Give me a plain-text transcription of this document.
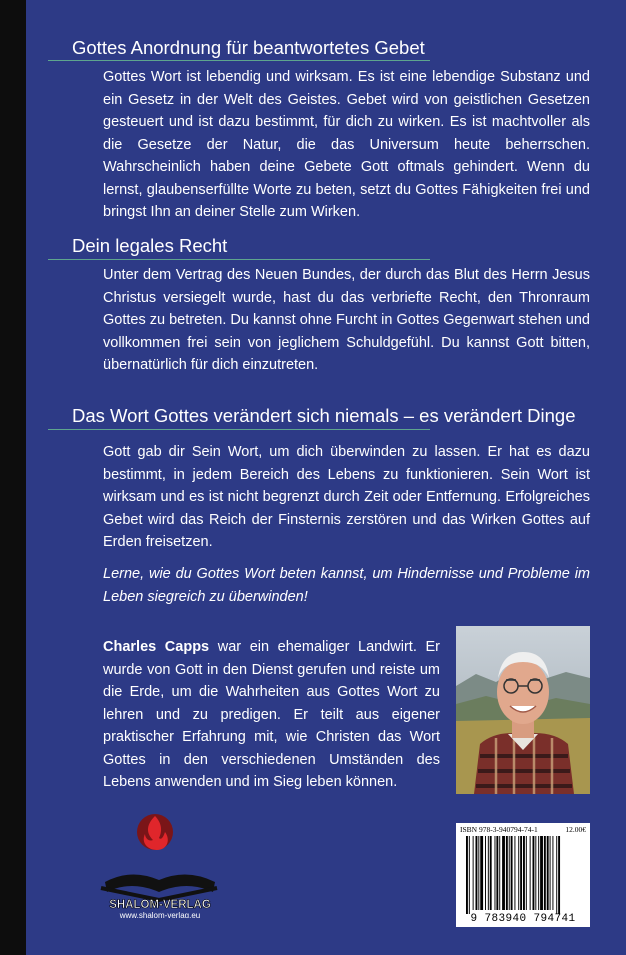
Gottes Anordnung für beantwortetes Gebet

Gottes Wort ist lebendig und wirksam. Es ist eine lebendige Substanz und ein Gesetz in der Welt des Geistes. Gebet wird von geistlichen Gesetzen gesteuert und ist dazu bestimmt, für dich zu wirken. Es ist machtvoller als die Gesetze der Natur, die das Universum heute beherrschen. Wahrscheinlich haben deine Gebete Gott oftmals gehindert. Wenn du lernst, glaubenserfüllte Worte zu beten, setzt du Gottes Fähigkeiten frei und bringst Ihn an deiner Stelle zum Wirken.

Dein legales Recht

Unter dem Vertrag des Neuen Bundes, der durch das Blut des Herrn Jesus Christus versiegelt wurde, hast du das verbriefte Recht, den Thronraum Gottes zu betreten. Du kannst ohne Furcht in Gottes Gegenwart stehen und vollkommen frei sein von jeglichem Schuldgefühl. Du kannst Gott bitten, übernatürlich für dich einzutreten.

Das Wort Gottes verändert sich niemals – es verändert Dinge

Gott gab dir Sein Wort, um dich überwinden zu lassen. Er hat es dazu bestimmt, in jedem Bereich des Lebens zu funktionieren. Sein Wort ist wirksam und es ist nicht begrenzt durch Zeit oder Entfernung. Erfolgreiches Gebet wird das Reich der Finsternis zerstören und das Wirken Gottes auf Erden freisetzen.

Lerne, wie du Gottes Wort beten kannst, um Hindernisse und Probleme im Leben siegreich zu überwinden!

Charles Capps war ein ehemaliger Landwirt. Er wurde von Gott in den Dienst gerufen und reiste um die Erde, um die Wahrheiten aus Gottes Wort zu lehren und zu predigen. Er teilt aus eigener praktischer Erfahrung mit, wie Christen das Wort Gottes in den verschiedenen Umständen des Lebens anwenden und im Sieg leben können.

SHALOM-VERLAG
www.shalom-verlag.eu
ISBN 978-3-940794-74-1	12.00€
9 783940 794741
